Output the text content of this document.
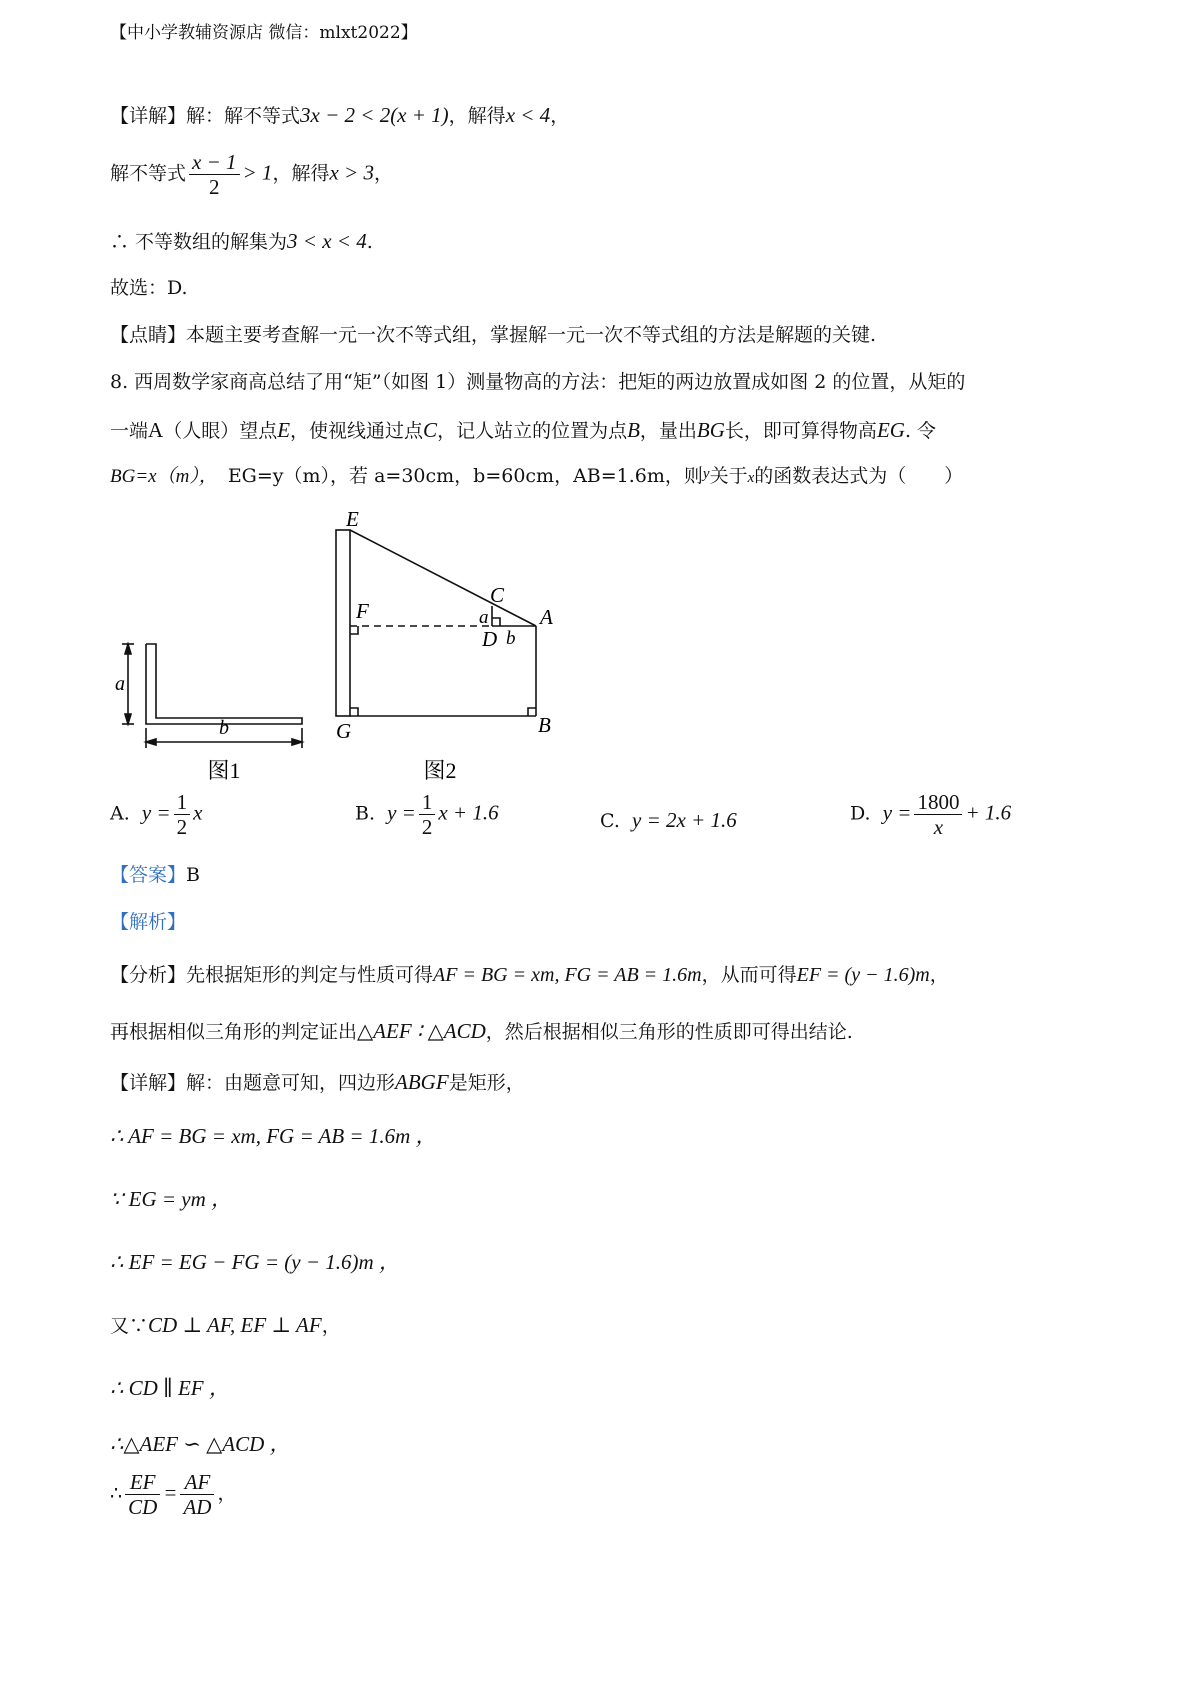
【中小学教辅资源店 微信：mlxt2022】
【详解】解：解不等式3x − 2 < 2(x + 1)，解得x < 4，
解不等式 $\frac{x - 1}{2} > 1$，解得x > 3，
∴ 不等数组的解集为3 < x < 4.
故选：D.
【点睛】本题主要考查解一元一次不等式组，掌握解一元一次不等式组的方法是解题的关键.
8. 西周数学家商高总结了用“矩”（如图 1）测量物高的方法：把矩的两边放置成如图 2 的位置，从矩的
一端A（人眼）望点E，使视线通过点C，记人站立的位置为点B，量出BG长，即可算得物高EG. 令
BG=x（m）， EG=y（m），若 a=30cm，b=60cm，AB=1.6m，则$^y$关于x的函数表达式为（　　）
a
b
图1
E
F
C
a A
D b
G	B
图2
A. $y = \frac{1}{2}$ x	B. $y = \frac{1}{2}$ x + 1.6	C. y = 2x + 1.6	D. $y = \frac{1800}{x} + 1.6$
【答案】B
【解析】
【分析】先根据矩形的判定与性质可得AF = BG = xm, FG = AB = 1.6m，从而可得EF = (y − 1.6)m，
再根据相似三角形的判定证出△AEF ∶ △ACD，然后根据相似三角形的性质即可得出结论.
【详解】解：由题意可知，四边形ABGF是矩形，
∴ AF = BG = xm, FG = AB = 1.6m ，
∵ EG = ym ，
∴ EF = EG − FG = (y − 1.6)m ，
又∵CD ⊥ AF, EF ⊥ AF，
∴ CD ∥ EF ，
∴△AEF ∽ △ACD ，
∴ $\frac{EF}{CD} = \frac{AF}{AD}$ ，
